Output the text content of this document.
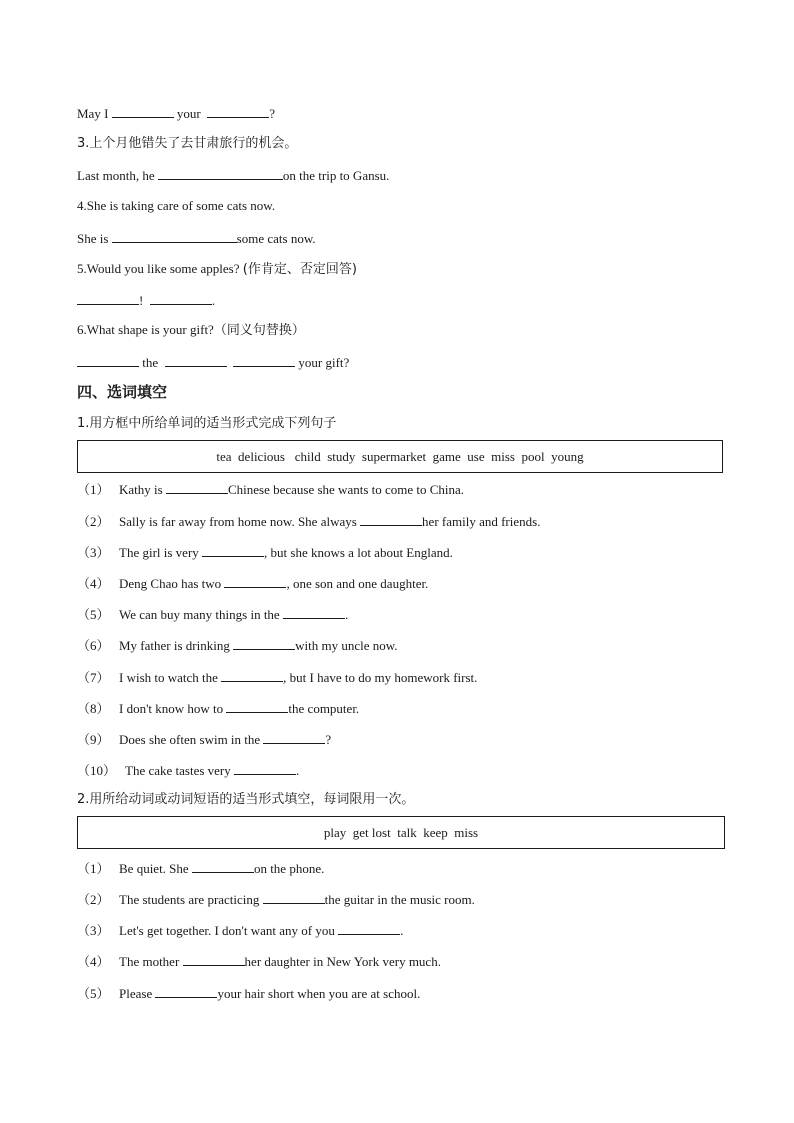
May I	your	?
3.上个月他错失了去甘肃旅行的机会。
Last month, he	on the trip to Gansu.
4.She is taking care of some cats now.
She is	some cats now.
5.Would you like some apples? (作肯定、否定回答)
!	.
6.What shape is your gift?（同义句替换）
the	your gift?
四、选词填空
1.用方框中所给单词的适当形式完成下列句子
tea  delicious   child  study  supermarket  game  use  miss  pool  young
（1） Kathy is	Chinese because she wants to come to China.
（2） Sally is far away from home now. She always	her family and friends.
（3） The girl is very	, but she knows a lot about England.
（4） Deng Chao has two	, one son and one daughter.
（5） We can buy many things in the	.
（6） My father is drinking	with my uncle now.
（7） I wish to watch the	, but I have to do my homework first.
（8） I don't know how to	the computer.
（9） Does she often swim in the	?
（10） The cake tastes very	.
2.用所给动词或动词短语的适当形式填空，每词限用一次。
play  get lost  talk  keep  miss
（1） Be quiet. She	on the phone.
（2） The students are practicing	the guitar in the music room.
（3） Let's get together. I don't want any of you	.
（4） The mother	her daughter in New York very much.
（5） Please	your hair short when you are at school.
